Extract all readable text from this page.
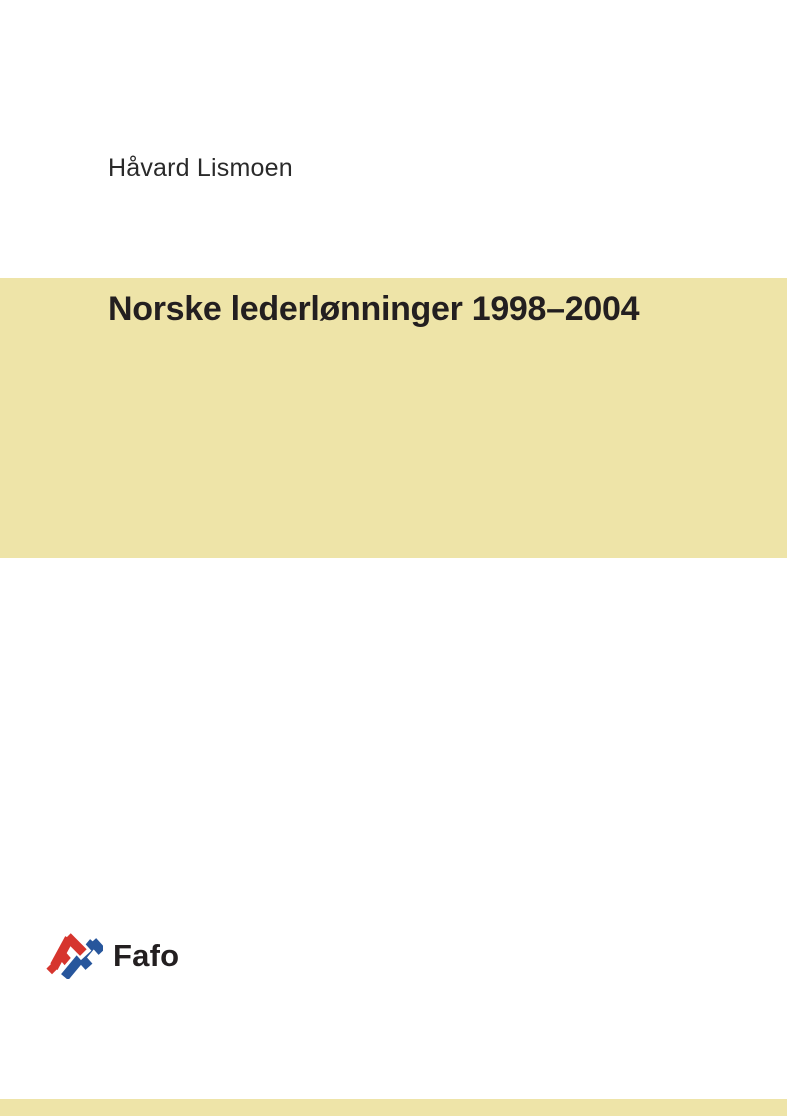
Håvard Lismoen
Norske lederlønninger 1998–2004
Fafo
